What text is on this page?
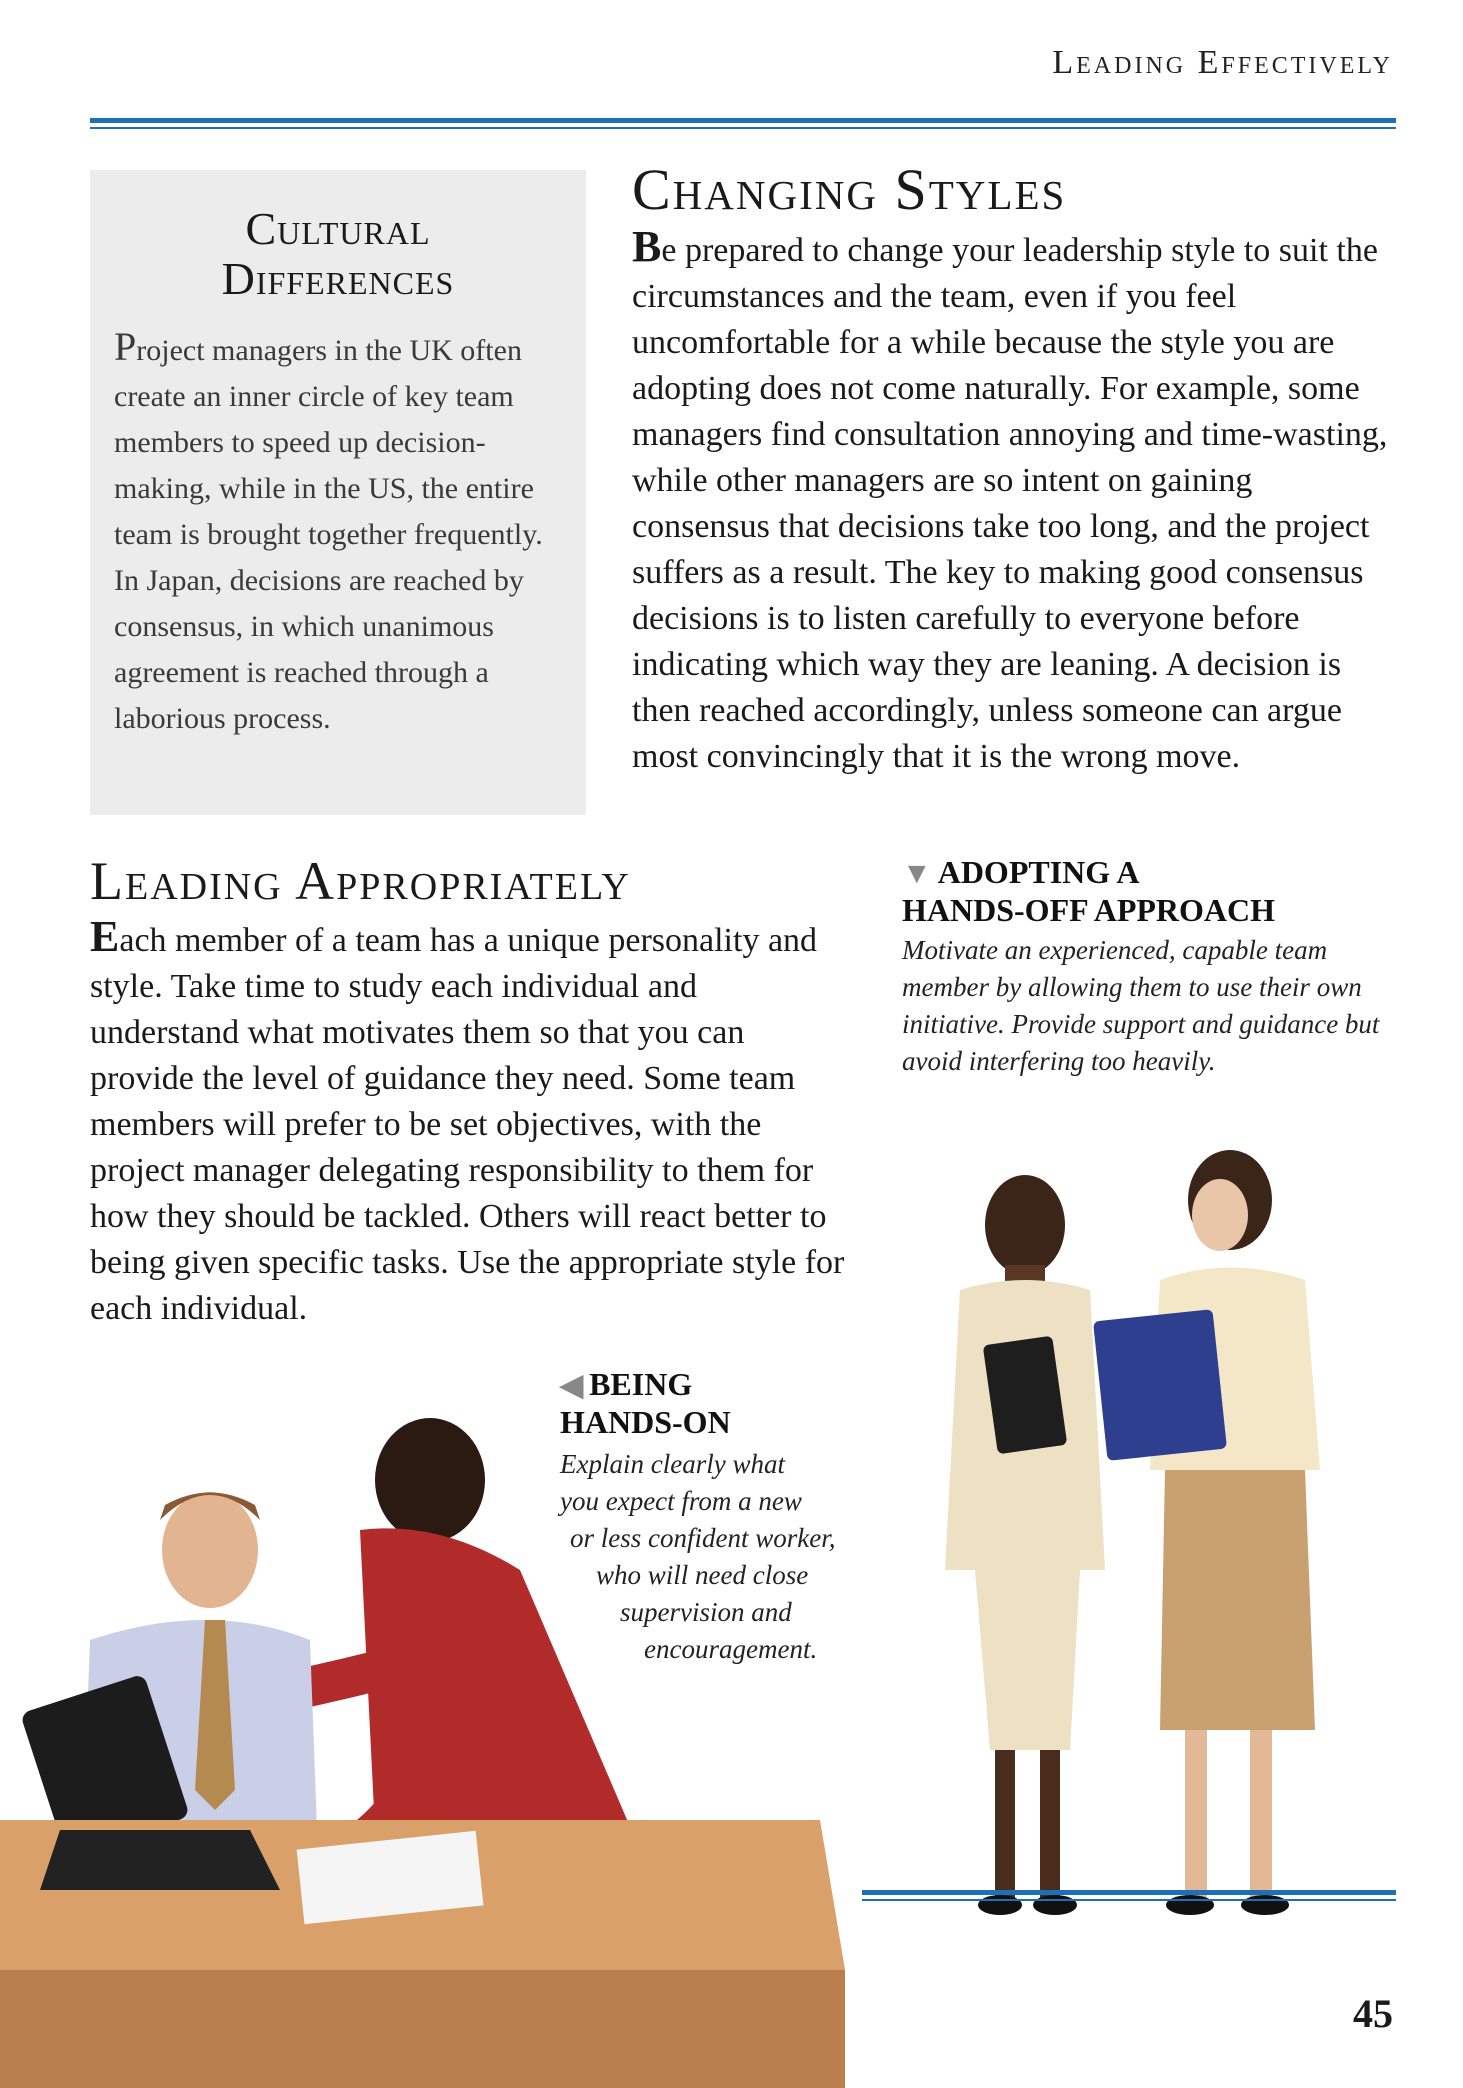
Leading Effectively
Cultural
Differences

Project managers in the UK often create an inner circle of key team members to speed up decision-making, while in the US, the entire team is brought together frequently. In Japan, decisions are reached by consensus, in which unanimous agreement is reached through a laborious process.

Changing Styles

Be prepared to change your leadership style to suit the circumstances and the team, even if you feel uncomfortable for a while because the style you are adopting does not come naturally. For example, some managers find consultation annoying and time-wasting, while other managers are so intent on gaining consensus that decisions take too long, and the project suffers as a result. The key to making good consensus decisions is to listen carefully to everyone before indicating which way they are leaning. A decision is then reached accordingly, unless someone can argue most convincingly that it is the wrong move.

Leading Appropriately

Each member of a team has a unique personality and style. Take time to study each individual and understand what motivates them so that you can provide the level of guidance they need. Some team members will prefer to be set objectives, with the project manager delegating responsibility to them for how they should be tackled. Others will react better to being given specific tasks. Use the appropriate style for each individual.

▼ ADOPTING A
HANDS-OFF APPROACH

Motivate an experienced, capable team member by allowing them to use their own initiative. Provide support and guidance but avoid interfering too heavily.

◀ BEING
HANDS-ON

Explain clearly what
you expect from a new
or less confident worker,
who will need close
supervision and
encouragement.
45
